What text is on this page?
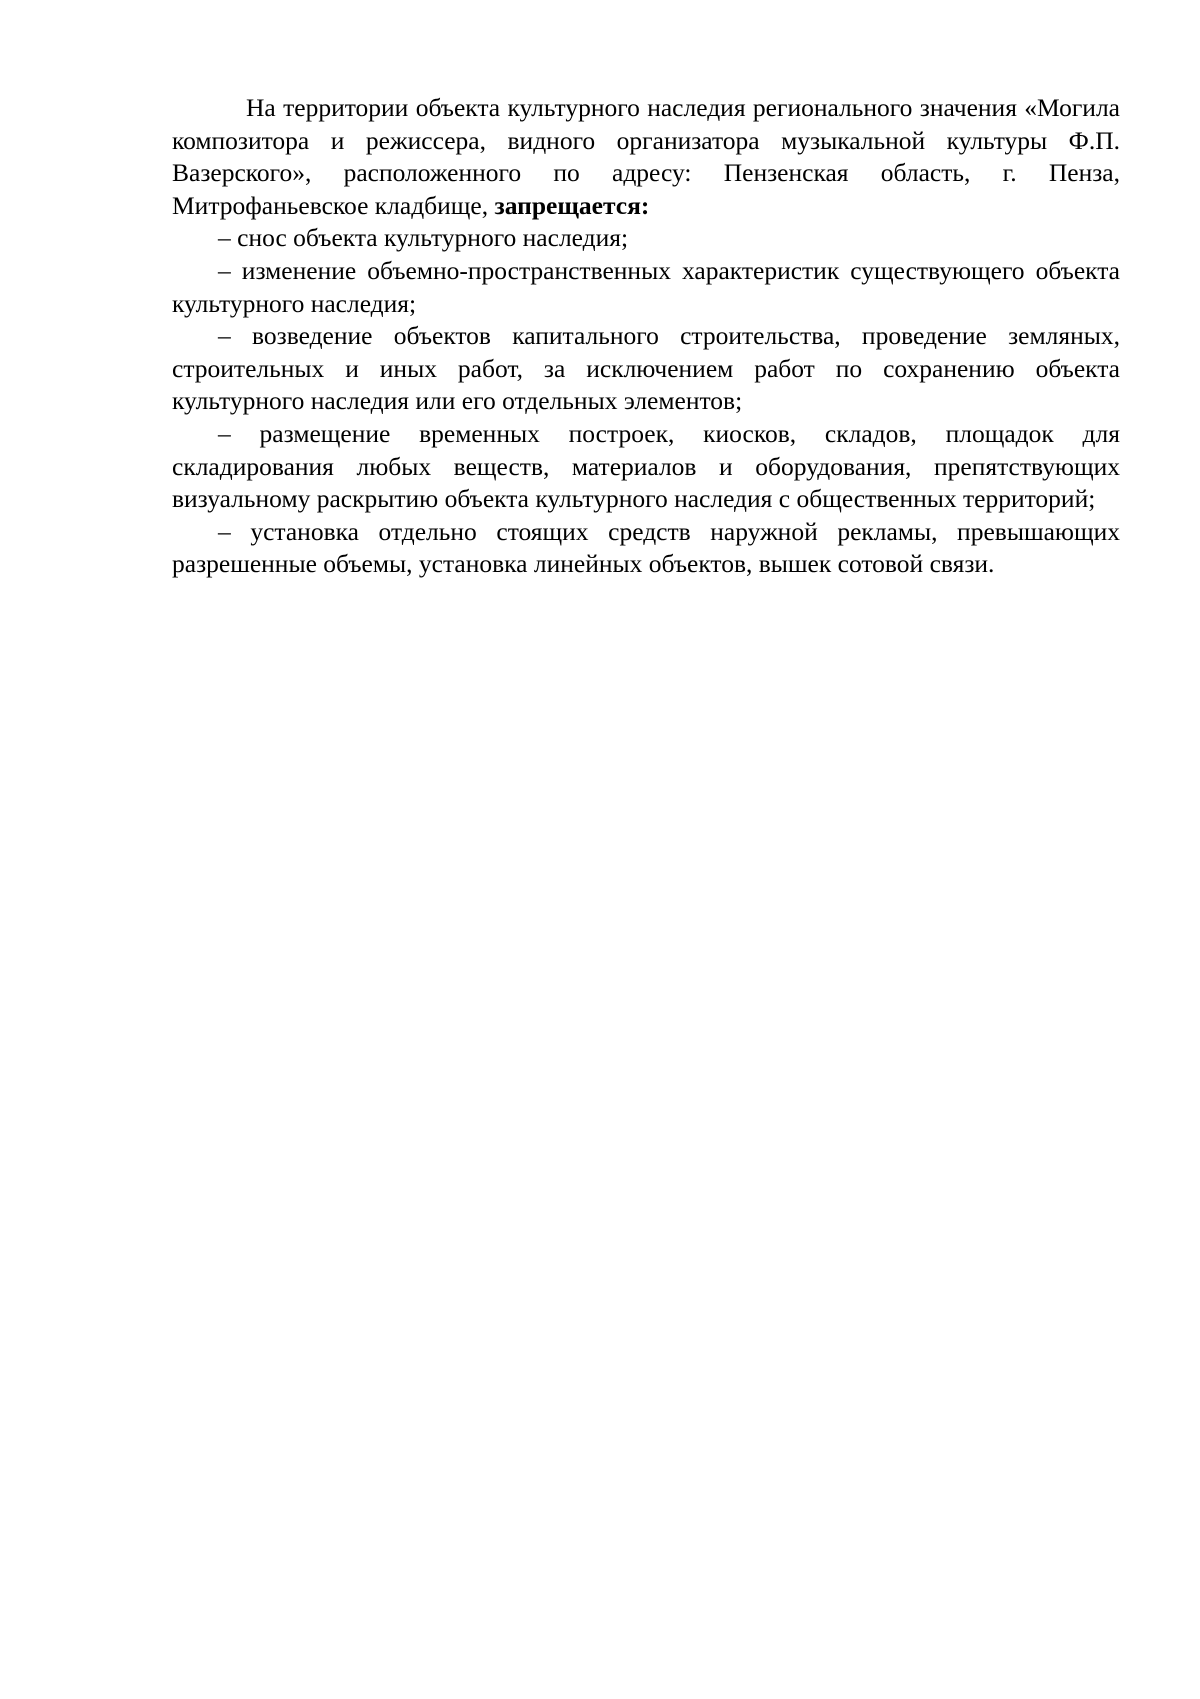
На территории объекта культурного наследия регионального значения «Могила композитора и режиссера, видного организатора музыкальной культуры Ф.П. Вазерского», расположенного по адресу: Пензенская область, г. Пенза, Митрофаньевское кладбище, запрещается:

– снос объекта культурного наследия;

– изменение объемно-пространственных характеристик существующего объекта культурного наследия;

– возведение объектов капитального строительства, проведение земляных, строительных и иных работ, за исключением работ по сохранению объекта культурного наследия или его отдельных элементов;

– размещение временных построек, киосков, складов, площадок для складирования любых веществ, материалов и оборудования, препятствующих визуальному раскрытию объекта культурного наследия с общественных территорий;

– установка отдельно стоящих средств наружной рекламы, превышающих разрешенные объемы, установка линейных объектов, вышек сотовой связи.
